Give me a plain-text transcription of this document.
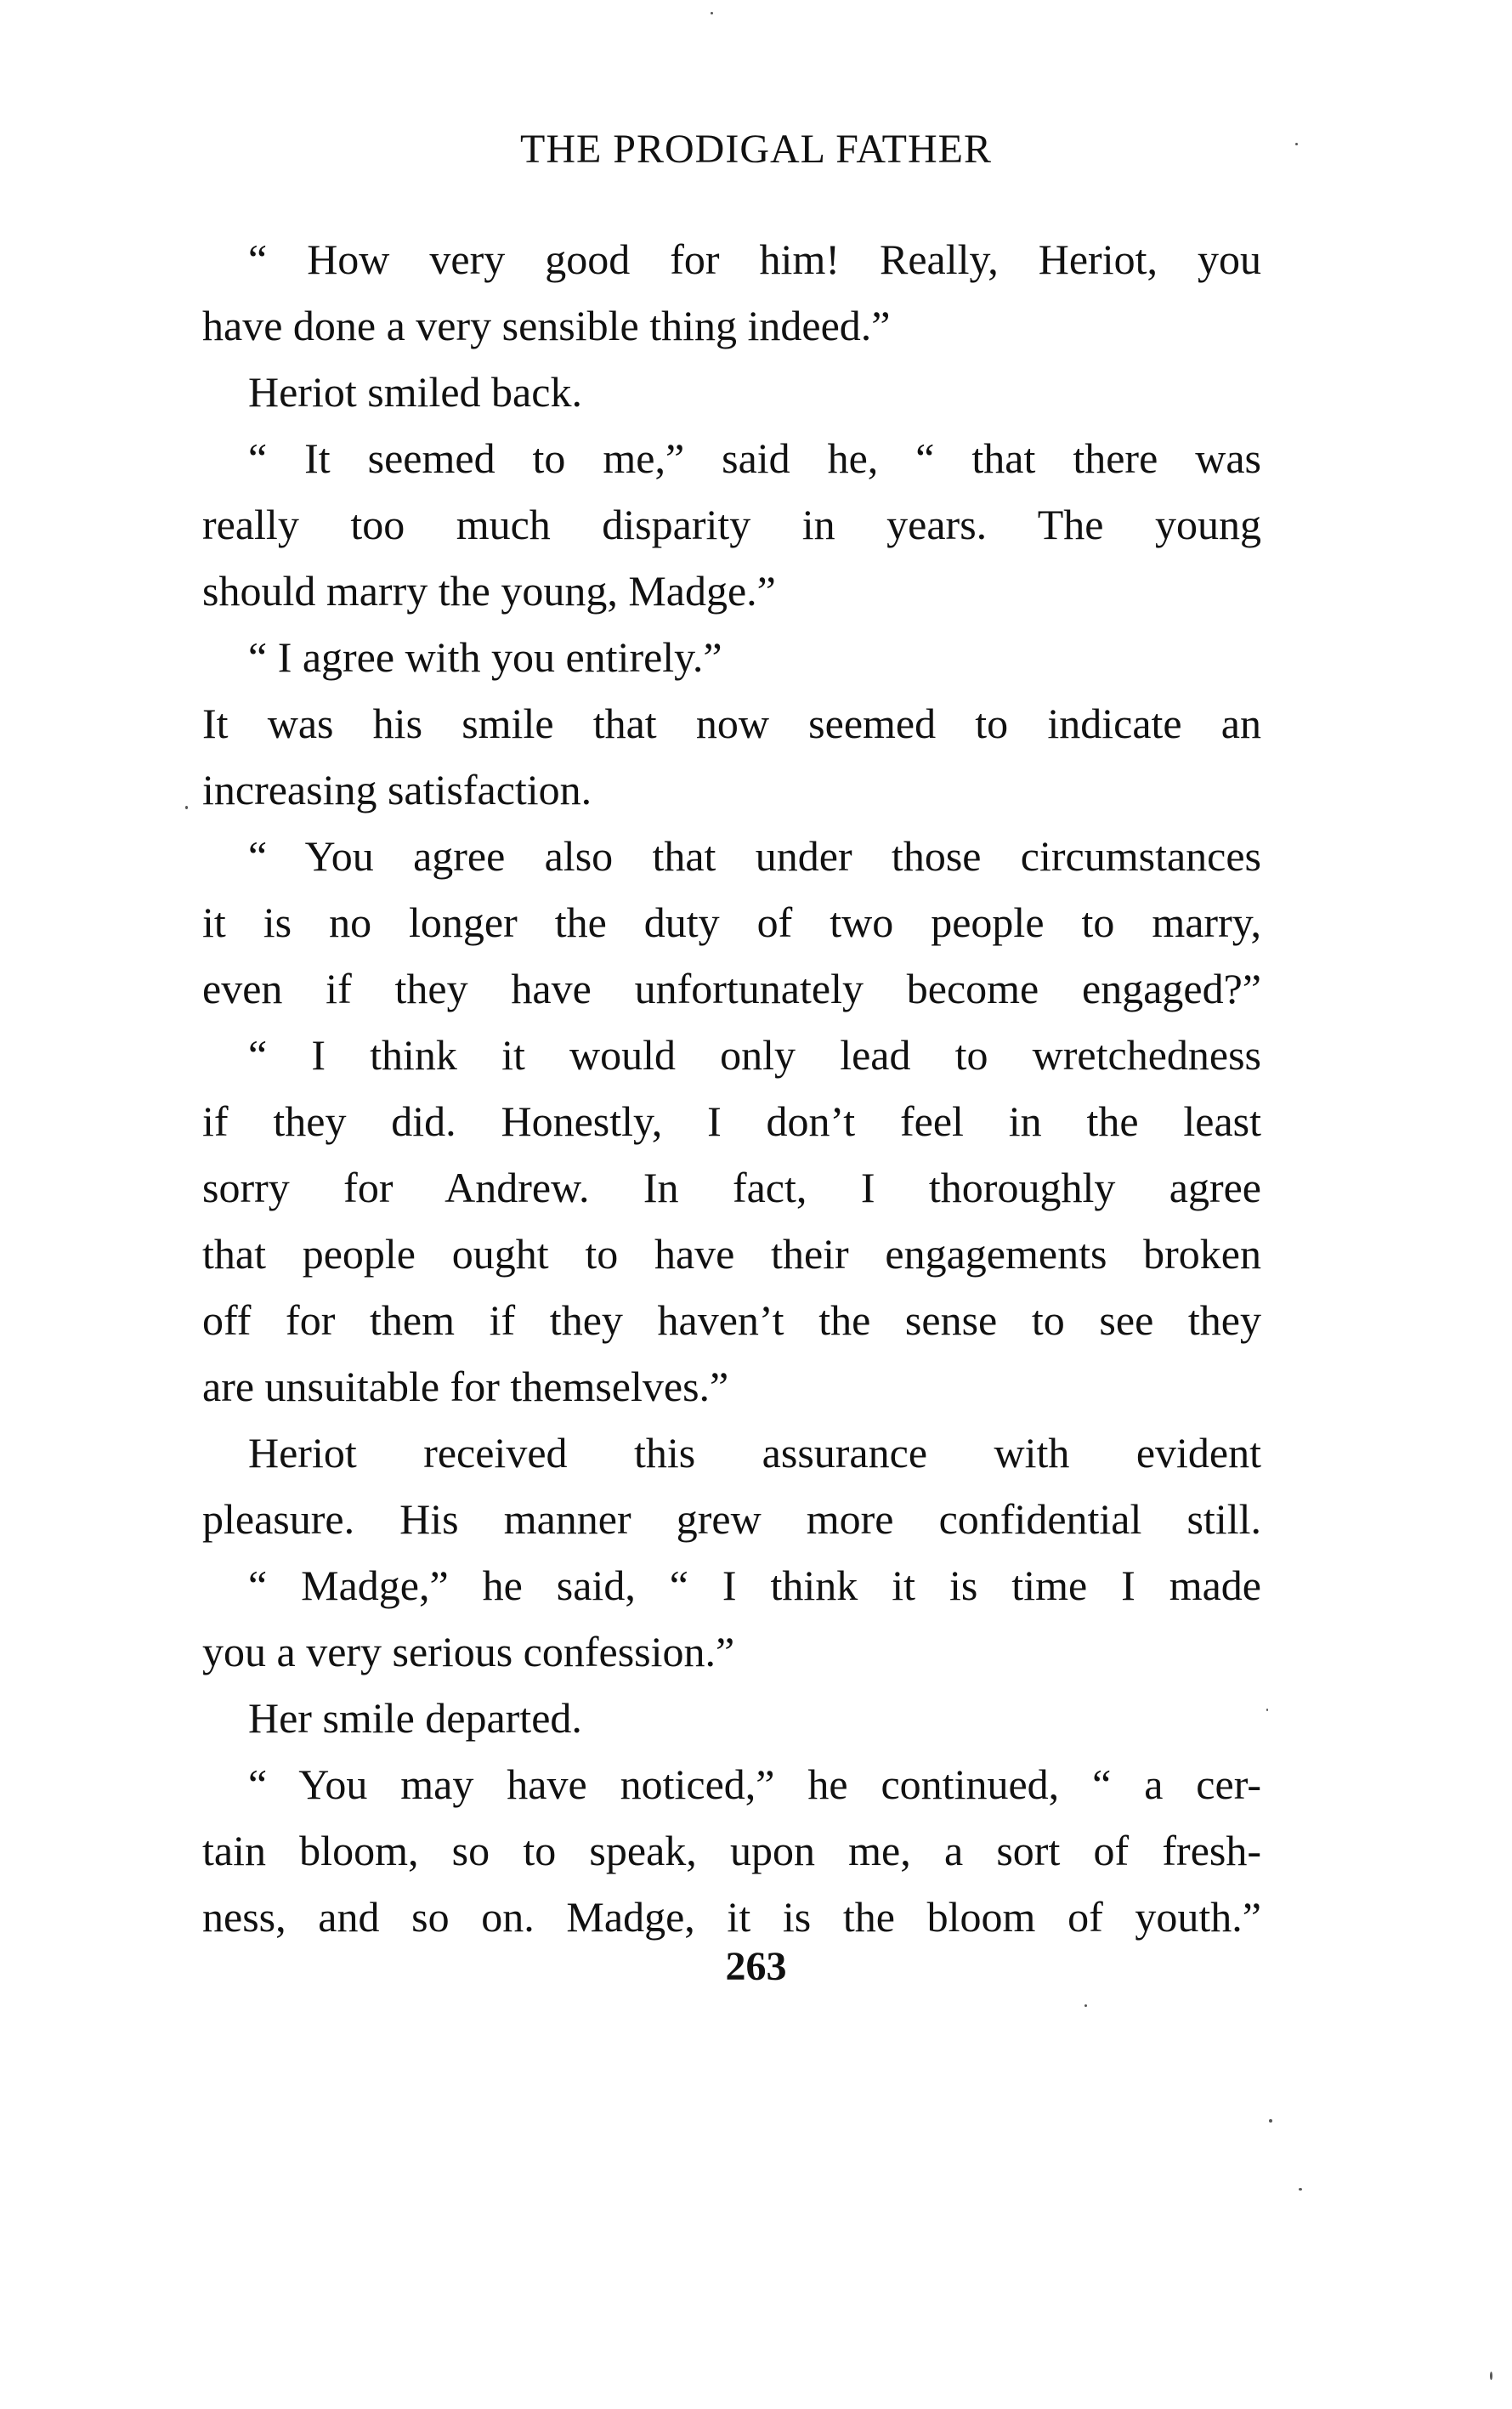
THE PRODIGAL FATHER
“ How very good for him! Really, Heriot, you
have done a very sensible thing indeed.”
Heriot smiled back.
“ It seemed to me,” said he, “ that there was
really too much disparity in years. The young
should marry the young, Madge.”
“ I agree with you entirely.”
It was his smile that now seemed to indicate an
increasing satisfaction.
“ You agree also that under those circumstances
it is no longer the duty of two people to marry,
even if they have unfortunately become engaged?”
“ I think it would only lead to wretchedness
if they did. Honestly, I don’t feel in the least
sorry for Andrew. In fact, I thoroughly agree
that people ought to have their engagements broken
off for them if they haven’t the sense to see they
are unsuitable for themselves.”
Heriot received this assurance with evident
pleasure. His manner grew more confidential still.
“ Madge,” he said, “ I think it is time I made
you a very serious confession.”
Her smile departed.
“ You may have noticed,” he continued, “ a cer-
tain bloom, so to speak, upon me, a sort of fresh-
ness, and so on. Madge, it is the bloom of youth.”
263
